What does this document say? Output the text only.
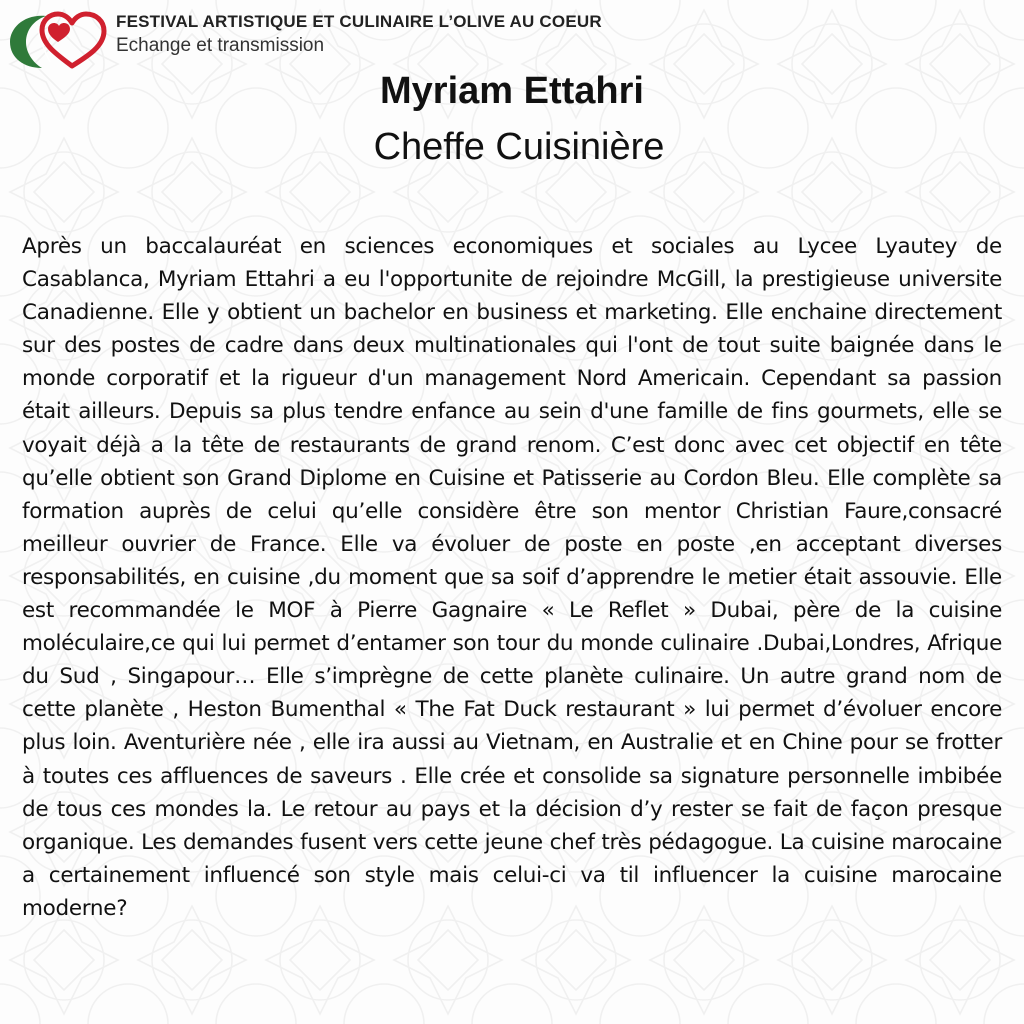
FESTIVAL ARTISTIQUE ET CULINAIRE L’OLIVE AU COEUR
Echange et transmission
Myriam Ettahri
Cheffe Cuisinière

Après un baccalauréat en sciences economiques et sociales au Lycee Lyautey de Casablanca, Myriam Ettahri a eu l'opportunite de rejoindre McGill, la prestigieuse universite Canadienne. Elle y obtient un bachelor en business et marketing. Elle enchaine directement sur des postes de cadre dans deux multinationales qui l'ont de tout suite baignée dans le monde corporatif et la rigueur d'un management Nord Americain. Cependant sa passion était ailleurs. Depuis sa plus tendre enfance au sein d'une famille de fins gourmets, elle se voyait déjà a la tête de restaurants de grand renom. C’est donc avec cet objectif en tête qu’elle obtient son Grand Diplome en Cuisine et Patisserie au Cordon Bleu. Elle complète sa formation auprès de celui qu’elle considère être son mentor Christian Faure,consacré meilleur ouvrier de France. Elle va évoluer de poste en poste ,en acceptant diverses responsabilités, en cuisine ,du moment que sa soif d’apprendre le metier était assouvie. Elle est recommandée le MOF à Pierre Gagnaire « Le Reflet » Dubai, père de la cuisine moléculaire,ce qui lui permet d’entamer son tour du monde culinaire .Dubai,Londres, Afrique du Sud , Singapour… Elle s’imprègne de cette planète culinaire. Un autre grand nom de cette planète , Heston Bumenthal « The Fat Duck restaurant » lui permet d’évoluer encore plus loin. Aventurière née , elle ira aussi au Vietnam, en Australie et en Chine pour se frotter à toutes ces affluences de saveurs . Elle crée et consolide sa signature personnelle imbibée de tous ces mondes la. Le retour au pays et la décision d’y rester se fait de façon presque organique. Les demandes fusent vers cette jeune chef très pédagogue. La cuisine marocaine a certainement influencé son style mais celui-ci va til influencer la cuisine marocaine moderne?
